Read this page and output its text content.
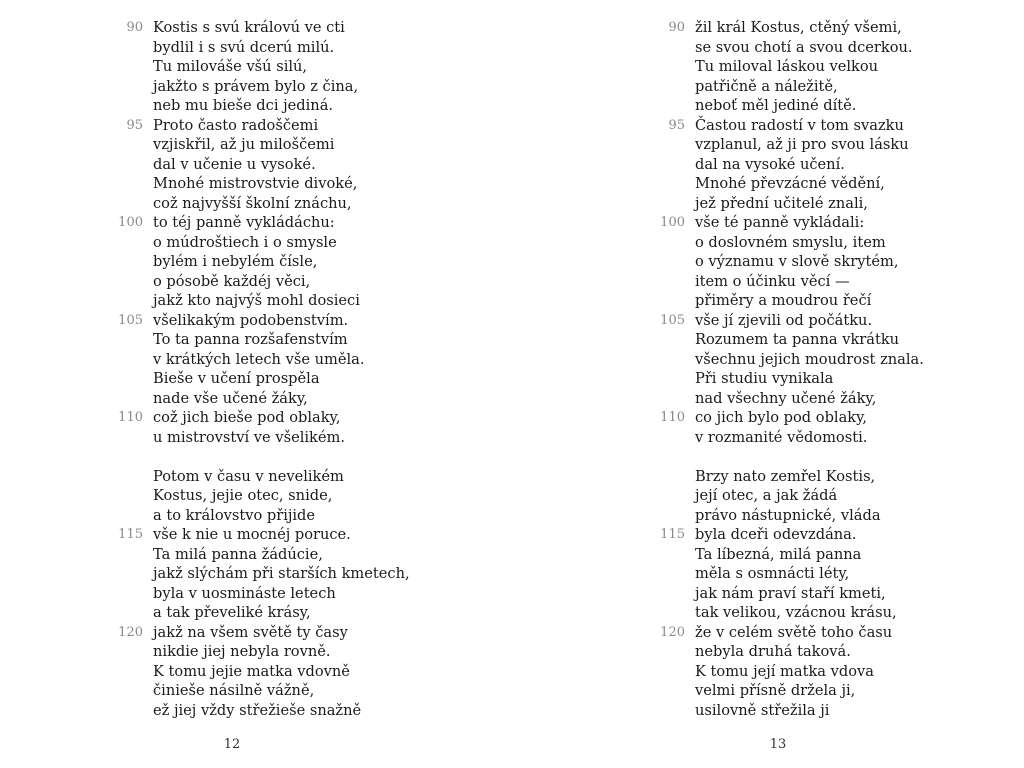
90 Kostis s svú královú ve cti
bydlil i s svú dcerú milú.
Tu milováše všú silú,
jakžto s právem bylo z čina,
neb mu bieše dci jediná.
95 Proto často radoščemi
vzjiskřil, až ju miloščemi
dal v učenie u vysoké.
Mnohé mistrovstvie divoké,
což najvyšší školní znáchu,
100 to téj panně vykládáchu:
o múdroštiech i o smysle
bylém i nebylém čísle,
o pósobě každéj věci,
jakž kto najvýš mohl dosieci
105 všelikakým podobenstvím.
To ta panna rozšafenstvím
v krátkých letech vše uměla.
Bieše v učení prospěla
nade vše učené žáky,
110 což jich bieše pod oblaky,
u mistrovství ve všelikém.
Potom v času v nevelikém
Kostus, jejie otec, snide,
a to královstvo přijide
115 vše k nie u mocnéj poruce.
Ta milá panna žádúcie,
jakž slýchám při starších kmetech,
byla v uosmináste letech
a tak převeliké krásy,
120 jakž na všem světě ty časy
nikdie jiej nebyla rovně.
K tomu jejie matka vdovně
činieše násilně vážně,
ež jiej vždy střežieše snažně
12
90 žil král Kostus, ctěný všemi,
se svou chotí a svou dcerkou.
Tu miloval láskou velkou
patřičně a náležitě,
neboť měl jediné dítě.
95 Častou radostí v tom svazku
vzplanul, až ji pro svou lásku
dal na vysoké učení.
Mnohé převzácné vědění,
jež přední učitelé znali,
100 vše té panně vykládali:
o doslovném smyslu, item
o významu v slově skrytém,
item o účinku věcí —
přiměry a moudrou řečí
105 vše jí zjevili od počátku.
Rozumem ta panna vkrátku
všechnu jejich moudrost znala.
Při studiu vynikala
nad všechny učené žáky,
110 co jich bylo pod oblaky,
v rozmanité vědomosti.
Brzy nato zemřel Kostis,
její otec, a jak žádá
právo nástupnické, vláda
115 byla dceři odevzdána.
Ta líbezná, milá panna
měla s osmnácti léty,
jak nám praví staří kmeti,
tak velikou, vzácnou krásu,
120 že v celém světě toho času
nebyla druhá taková.
K tomu její matka vdova
velmi přísně držela ji,
usilovně střežila ji
13
